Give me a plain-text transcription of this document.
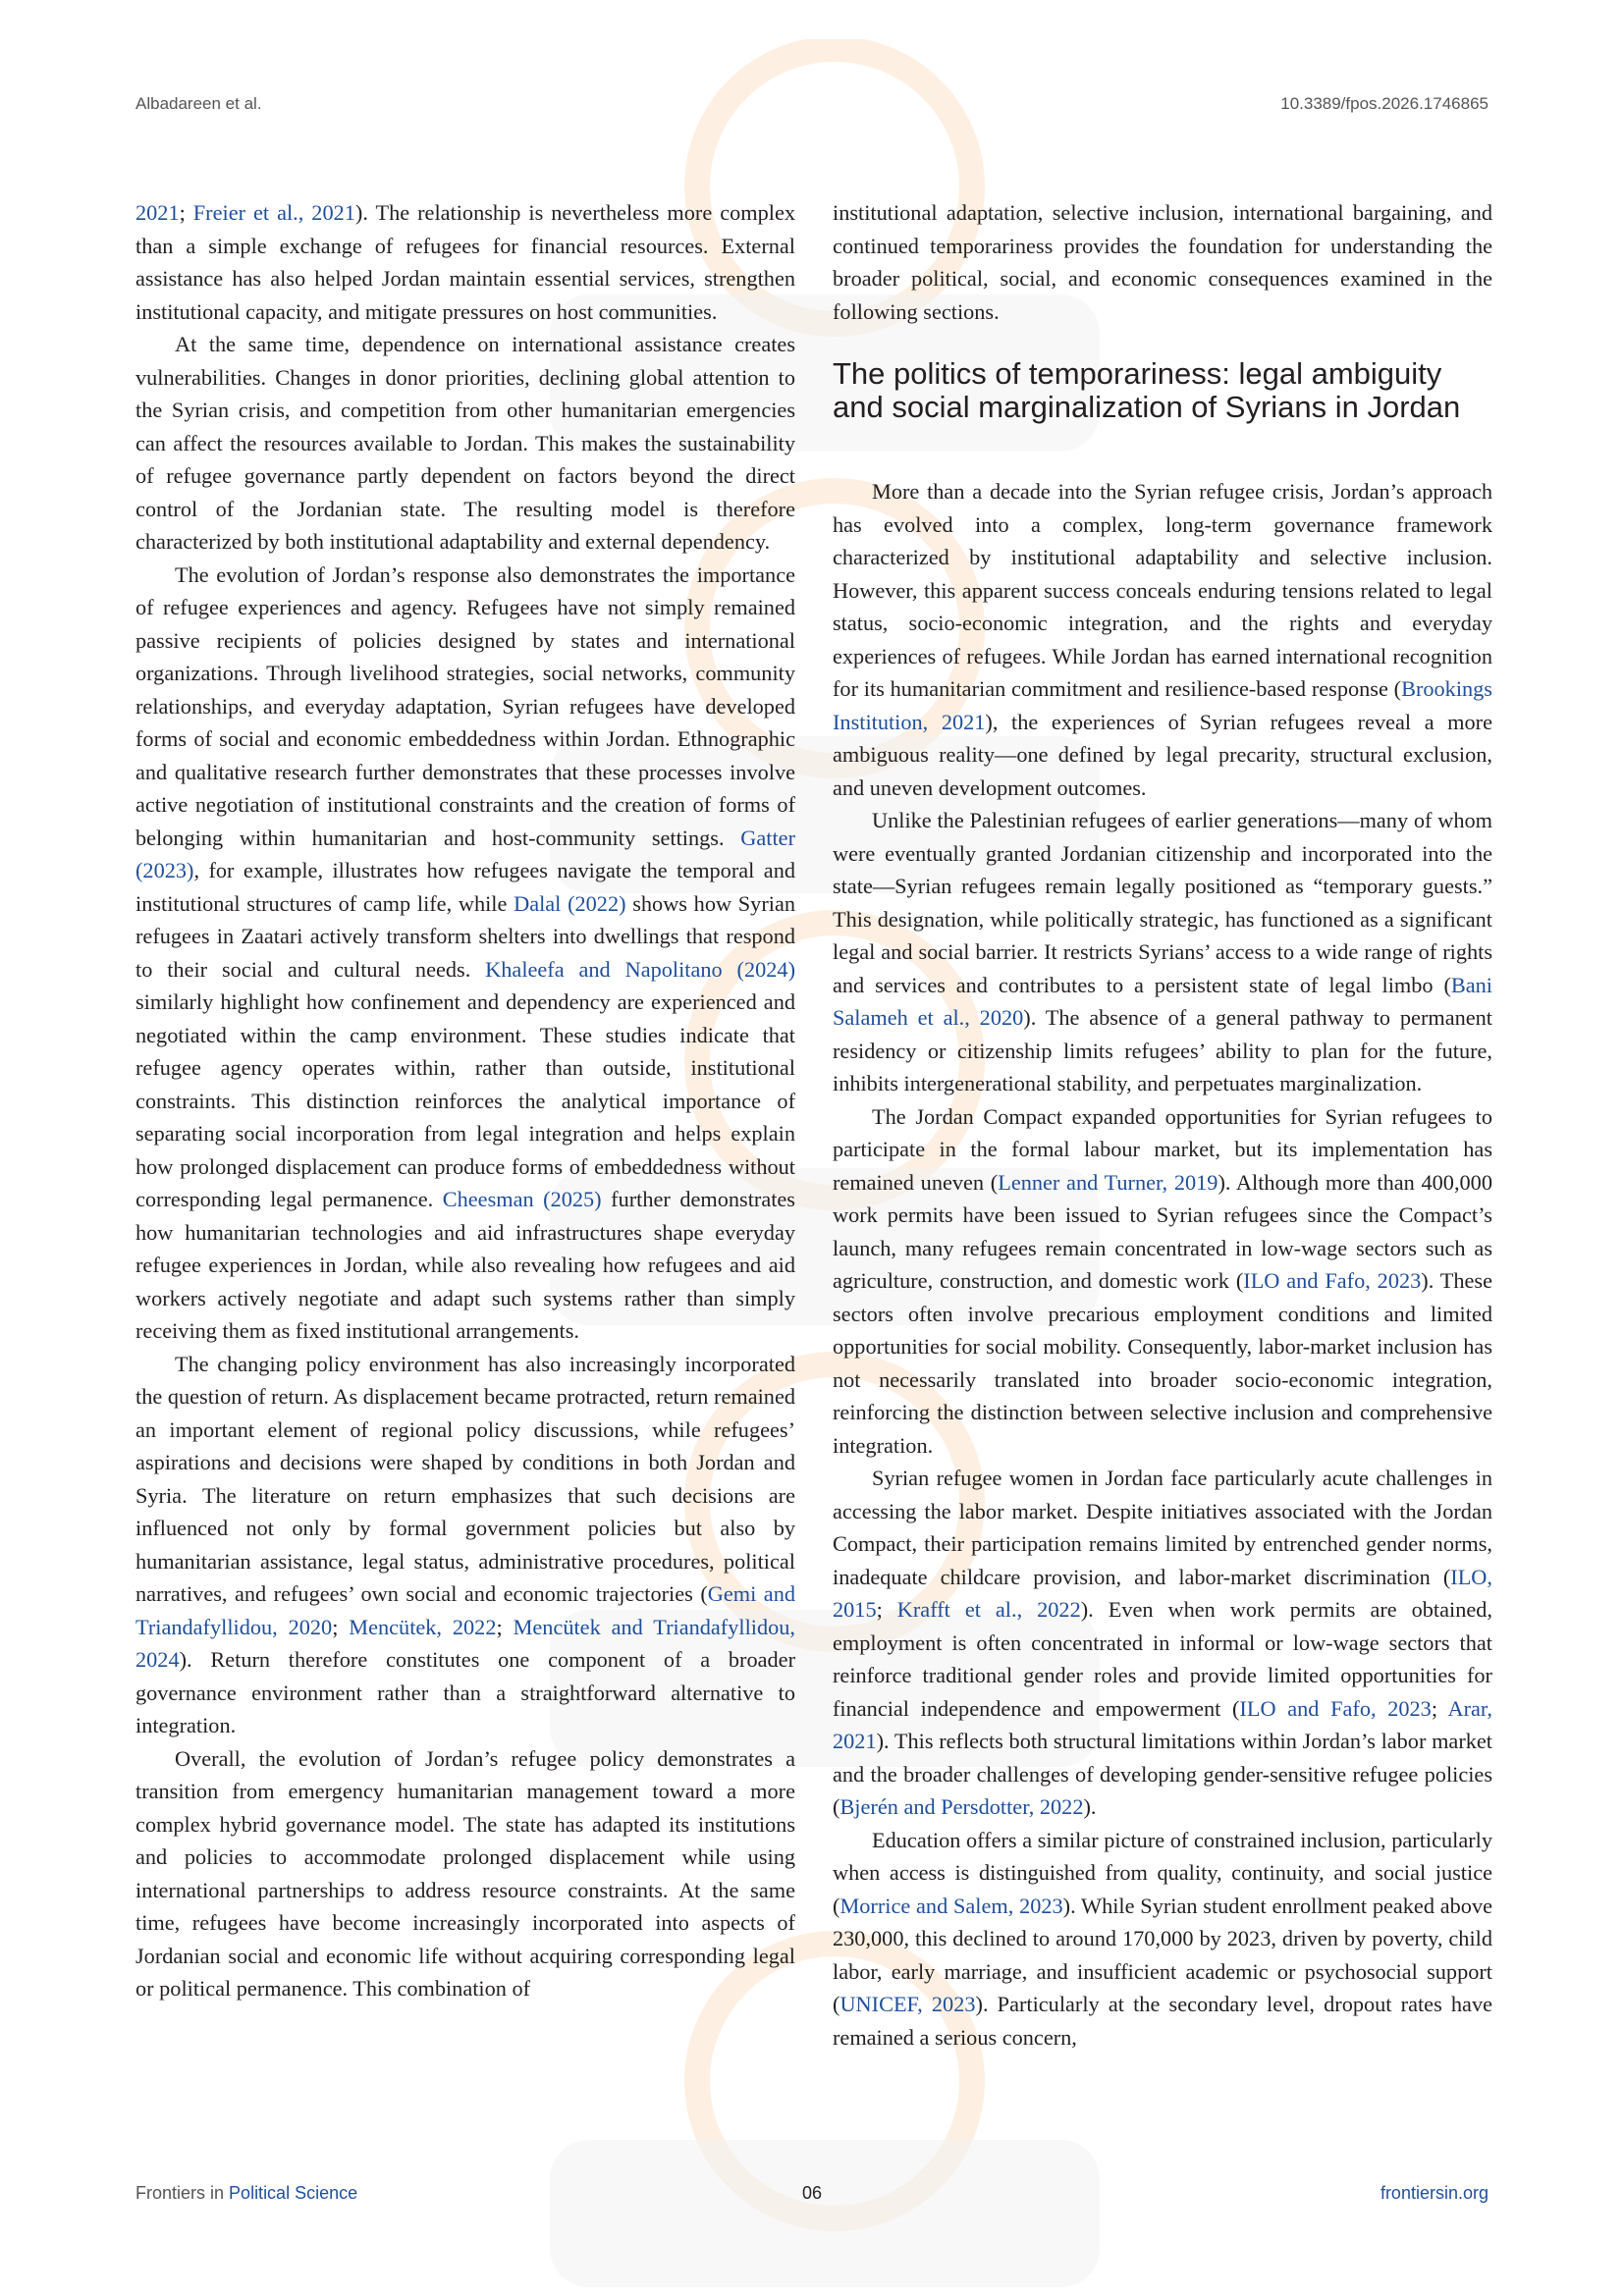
Albadareen et al.	10.3389/fpos.2026.1746865

2021; Freier et al., 2021). The relationship is nevertheless more complex than a simple exchange of refugees for financial resources. External assistance has also helped Jordan maintain essential services, strengthen institutional capacity, and mitigate pressures on host communities.

At the same time, dependence on international assistance creates vulnerabilities. Changes in donor priorities, declining global attention to the Syrian crisis, and competition from other humanitarian emergencies can affect the resources available to Jordan. This makes the sustainability of refugee governance partly dependent on factors beyond the direct control of the Jordanian state. The resulting model is therefore characterized by both institutional adaptability and external dependency.

The evolution of Jordan’s response also demonstrates the importance of refugee experiences and agency. Refugees have not simply remained passive recipients of policies designed by states and international organizations. Through livelihood strategies, social networks, community relationships, and everyday adaptation, Syrian refugees have developed forms of social and economic embeddedness within Jordan. Ethnographic and qualitative research further demonstrates that these processes involve active negotiation of institutional constraints and the creation of forms of belonging within humanitarian and host-community settings. Gatter (2023), for example, illustrates how refugees navigate the temporal and institutional structures of camp life, while Dalal (2022) shows how Syrian refugees in Zaatari actively transform shelters into dwellings that respond to their social and cultural needs. Khaleefa and Napolitano (2024) similarly highlight how confinement and dependency are experienced and negotiated within the camp environment. These studies indicate that refugee agency operates within, rather than outside, institutional constraints. This distinction reinforces the analytical importance of separating social incorporation from legal integration and helps explain how prolonged displacement can produce forms of embeddedness without corresponding legal permanence. Cheesman (2025) further demonstrates how humanitarian technologies and aid infrastructures shape everyday refugee experiences in Jordan, while also revealing how refugees and aid workers actively negotiate and adapt such systems rather than simply receiving them as fixed institutional arrangements.

The changing policy environment has also increasingly incorporated the question of return. As displacement became protracted, return remained an important element of regional policy discussions, while refugees’ aspirations and decisions were shaped by conditions in both Jordan and Syria. The literature on return emphasizes that such decisions are influenced not only by formal government policies but also by humanitarian assistance, legal status, administrative procedures, political narratives, and refugees’ own social and economic trajectories (Gemi and Triandafyllidou, 2020; Mencütek, 2022; Mencütek and Triandafyllidou, 2024). Return therefore constitutes one component of a broader governance environment rather than a straightforward alternative to integration.

Overall, the evolution of Jordan’s refugee policy demonstrates a transition from emergency humanitarian management toward a more complex hybrid governance model. The state has adapted its institutions and policies to accommodate prolonged displacement while using international partnerships to address resource constraints. At the same time, refugees have become increasingly incorporated into aspects of Jordanian social and economic life without acquiring corresponding legal or political permanence. This combination of

institutional adaptation, selective inclusion, international bargaining, and continued temporariness provides the foundation for understanding the broader political, social, and economic consequences examined in the following sections.

The politics of temporariness: legal ambiguity and social marginalization of Syrians in Jordan

More than a decade into the Syrian refugee crisis, Jordan’s approach has evolved into a complex, long-term governance framework characterized by institutional adaptability and selective inclusion. However, this apparent success conceals enduring tensions related to legal status, socio-economic integration, and the rights and everyday experiences of refugees. While Jordan has earned international recognition for its humanitarian commitment and resilience-based response (Brookings Institution, 2021), the experiences of Syrian refugees reveal a more ambiguous reality—one defined by legal precarity, structural exclusion, and uneven development outcomes.

Unlike the Palestinian refugees of earlier generations—many of whom were eventually granted Jordanian citizenship and incorporated into the state—Syrian refugees remain legally positioned as “temporary guests.” This designation, while politically strategic, has functioned as a significant legal and social barrier. It restricts Syrians’ access to a wide range of rights and services and contributes to a persistent state of legal limbo (Bani Salameh et al., 2020). The absence of a general pathway to permanent residency or citizenship limits refugees’ ability to plan for the future, inhibits intergenerational stability, and perpetuates marginalization.

The Jordan Compact expanded opportunities for Syrian refugees to participate in the formal labour market, but its implementation has remained uneven (Lenner and Turner, 2019). Although more than 400,000 work permits have been issued to Syrian refugees since the Compact’s launch, many refugees remain concentrated in low-wage sectors such as agriculture, construction, and domestic work (ILO and Fafo, 2023). These sectors often involve precarious employment conditions and limited opportunities for social mobility. Consequently, labor-market inclusion has not necessarily translated into broader socio-economic integration, reinforcing the distinction between selective inclusion and comprehensive integration.

Syrian refugee women in Jordan face particularly acute challenges in accessing the labor market. Despite initiatives associated with the Jordan Compact, their participation remains limited by entrenched gender norms, inadequate childcare provision, and labor-market discrimination (ILO, 2015; Krafft et al., 2022). Even when work permits are obtained, employment is often concentrated in informal or low-wage sectors that reinforce traditional gender roles and provide limited opportunities for financial independence and empowerment (ILO and Fafo, 2023; Arar, 2021). This reflects both structural limitations within Jordan’s labor market and the broader challenges of developing gender-sensitive refugee policies (Bjerén and Persdotter, 2022).

Education offers a similar picture of constrained inclusion, particularly when access is distinguished from quality, continuity, and social justice (Morrice and Salem, 2023). While Syrian student enrollment peaked above 230,000, this declined to around 170,000 by 2023, driven by poverty, child labor, early marriage, and insufficient academic or psychosocial support (UNICEF, 2023). Particularly at the secondary level, dropout rates have remained a serious concern,

Frontiers in Political Science	06	frontiersin.org
